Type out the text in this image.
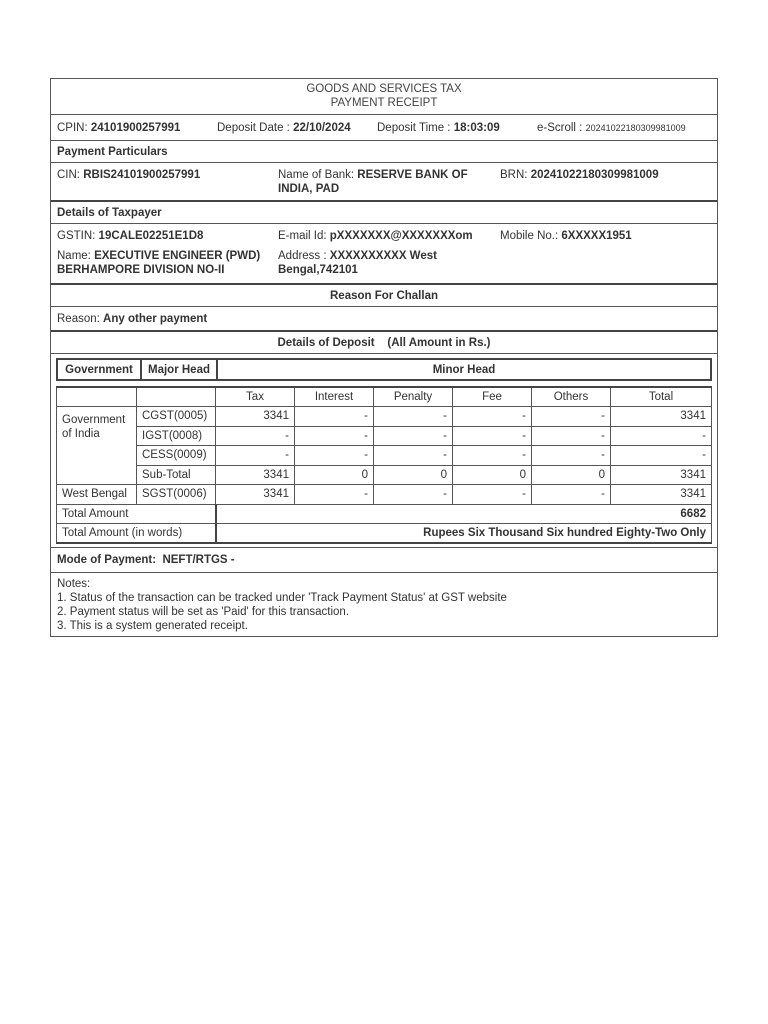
GOODS AND SERVICES TAX
PAYMENT RECEIPT
CPIN: 24101900257991	Deposit Date : 22/10/2024 Deposit Time : 18:03:09	e-Scroll : 20241022180309981009
Payment Particulars
CIN: RBIS24101900257991	Name of Bank: RESERVE BANK OF
INDIA, PAD
BRN: 20241022180309981009
Details of Taxpayer
GSTIN: 19CALE02251E1D8	E-mail Id: pXXXXXXX@XXXXXXXom Mobile No.: 6XXXXX1951
Name: EXECUTIVE ENGINEER (PWD)
BERHAMPORE DIVISION NO-II
Address : XXXXXXXXXX West
Bengal,742101
Reason For Challan
Reason:
Any other payment
Details of Deposit
(All Amount in Rs.)
Government	Major Head	Minor Head
		Tax	Interest	Penalty	Fee	Others	Total
Government of India	CGST(0005)	3341	-	-	-	-	3341
	IGST(0008)	-	-	-	-	-	-
	CESS(0009)	-	-	-	-	-	-
	Sub-Total	3341	0	0	0	0	3341
West Bengal	SGST(0006)	3341	-	-	-	-	3341
Total Amount		6682					
Total Amount (in words)		Rupees Six Thousand Six hundred Eighty-Two Only					
Mode of Payment:
NEFT/RTGS -
Notes:
1. Status of the transaction can be tracked under 'Track Payment Status' at GST website
2. Payment status will be set as 'Paid' for this transaction.
3. This is a system generated receipt.
